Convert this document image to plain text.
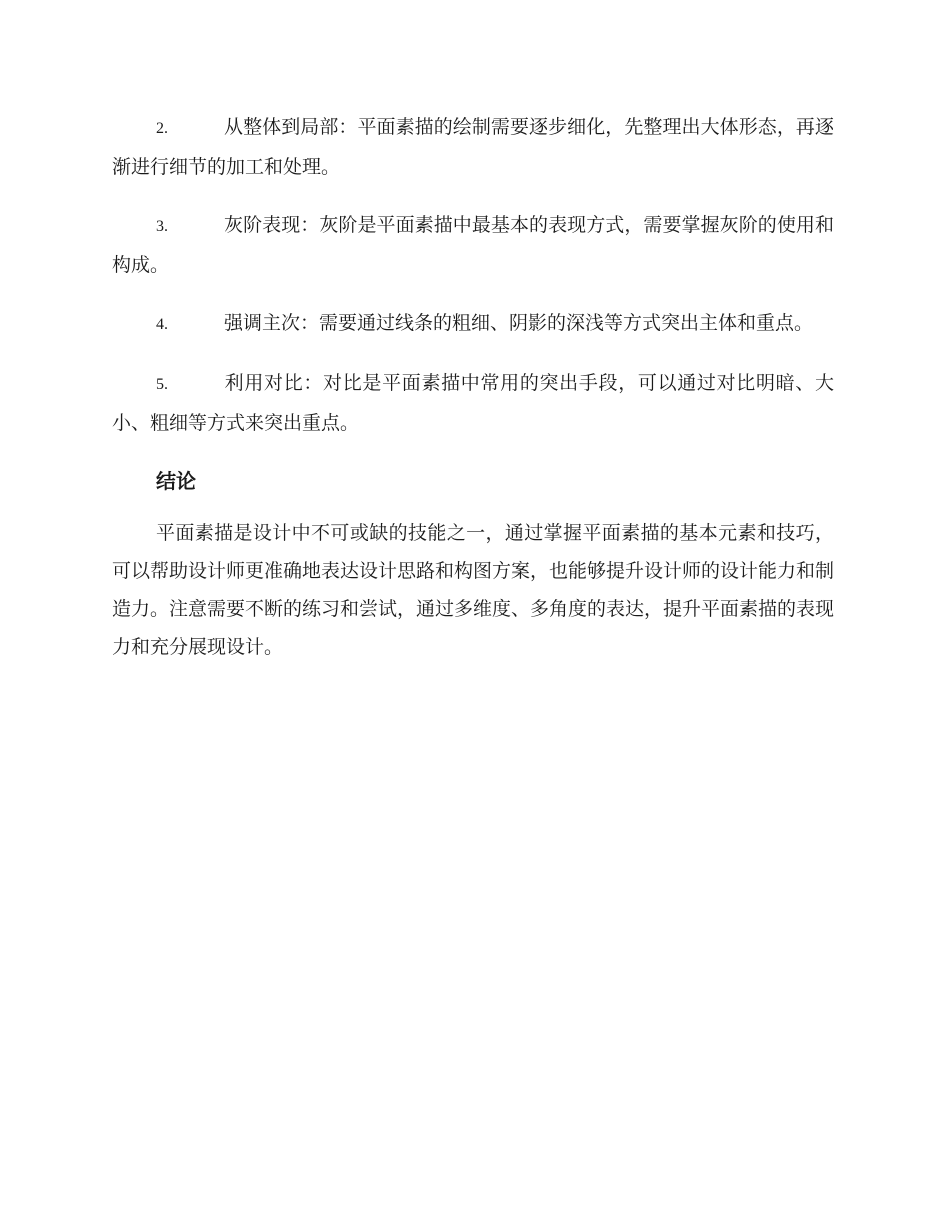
2.	从整体到局部：平面素描的绘制需要逐步细化，先整理出大体形态，再逐渐进行细节的加工和处理。

3.	灰阶表现：灰阶是平面素描中最基本的表现方式，需要掌握灰阶的使用和构成。

4.	强调主次：需要通过线条的粗细、阴影的深浅等方式突出主体和重点。

5.	利用对比：对比是平面素描中常用的突出手段，可以通过对比明暗、大小、粗细等方式来突出重点。

结论

平面素描是设计中不可或缺的技能之一，通过掌握平面素描的基本元素和技巧，可以帮助设计师更准确地表达设计思路和构图方案，也能够提升设计师的设计能力和制造力。注意需要不断的练习和尝试，通过多维度、多角度的表达，提升平面素描的表现力和充分展现设计。
